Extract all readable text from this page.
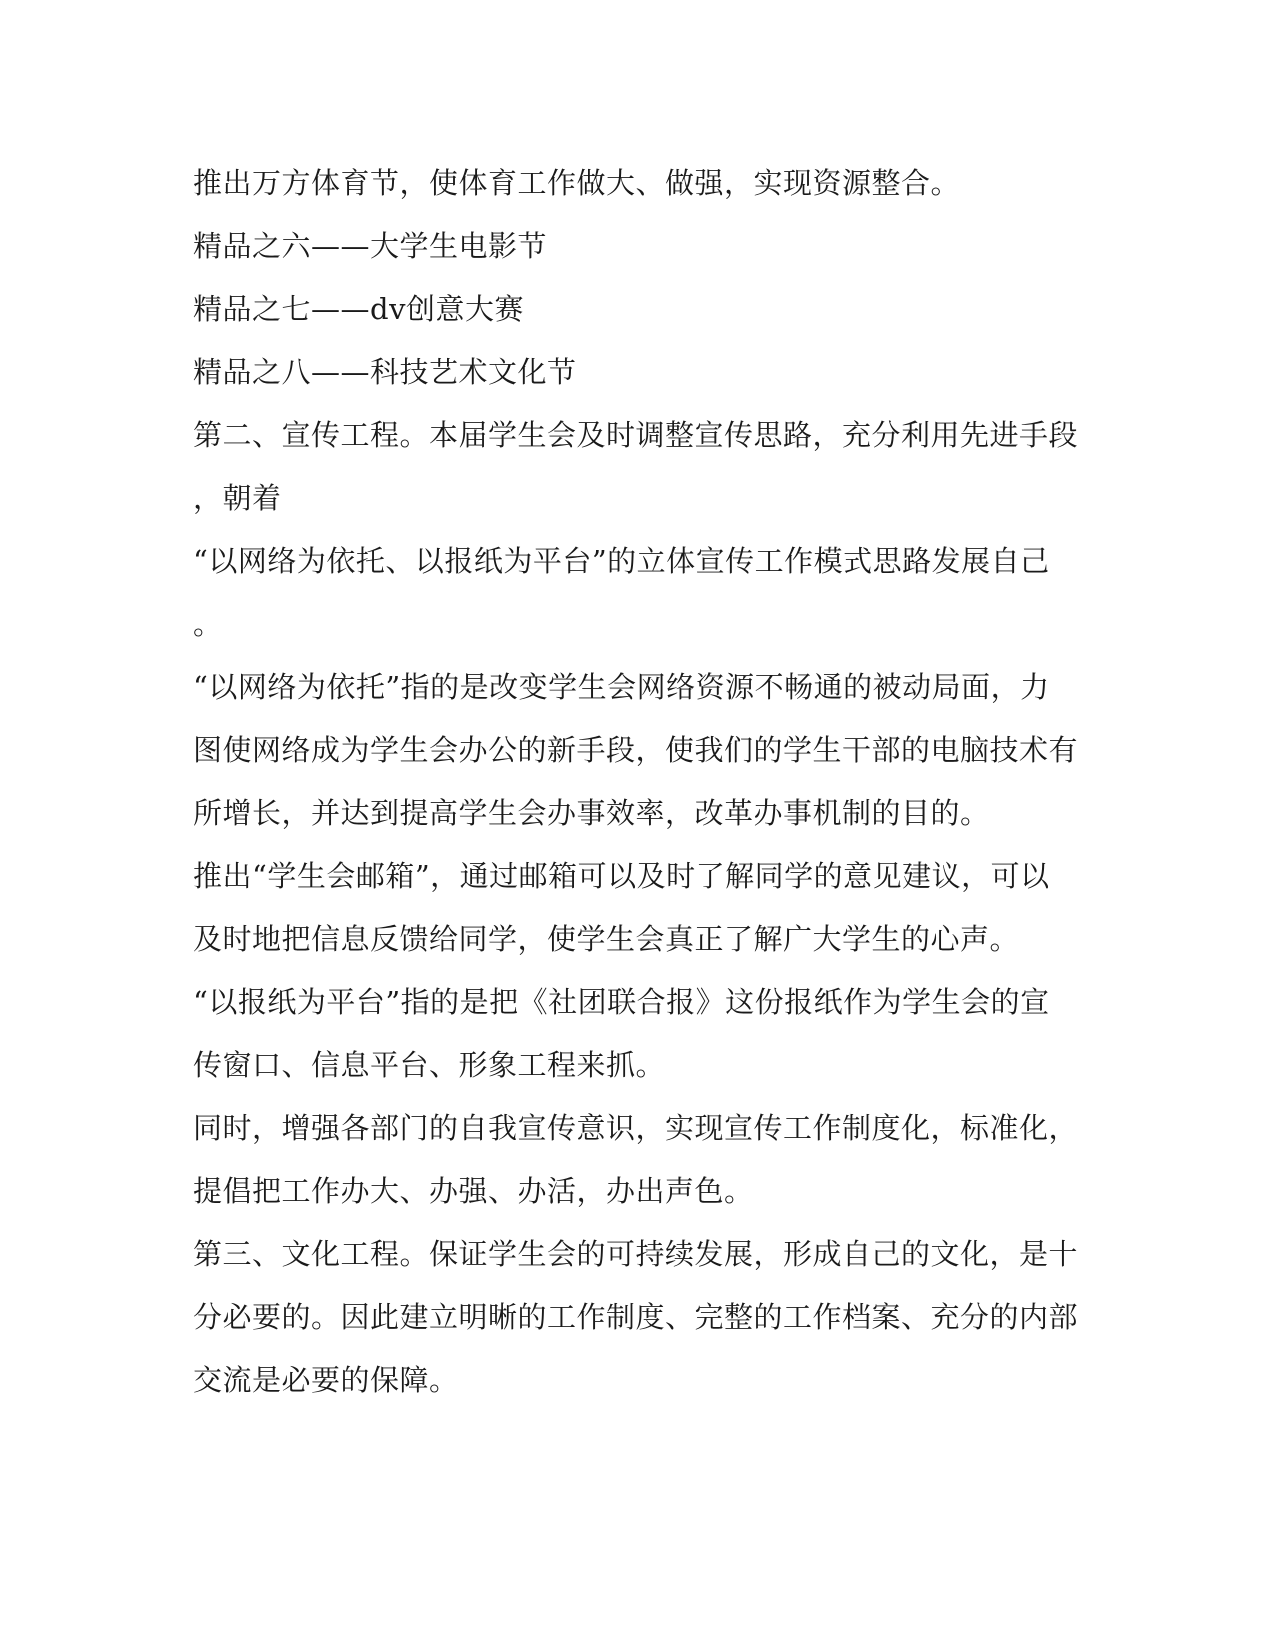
推出万方体育节，使体育工作做大、做强，实现资源整合。
精品之六——大学生电影节
精品之七——dv创意大赛
精品之八——科技艺术文化节
第二、宣传工程。本届学生会及时调整宣传思路，充分利用先进手段
，朝着
“以网络为依托、以报纸为平台”的立体宣传工作模式思路发展自己
。
“以网络为依托”指的是改变学生会网络资源不畅通的被动局面，力
图使网络成为学生会办公的新手段，使我们的学生干部的电脑技术有
所增长，并达到提高学生会办事效率，改革办事机制的目的。
推出“学生会邮箱”，通过邮箱可以及时了解同学的意见建议，可以
及时地把信息反馈给同学，使学生会真正了解广大学生的心声。
“以报纸为平台”指的是把《社团联合报》这份报纸作为学生会的宣
传窗口、信息平台、形象工程来抓。
同时，增强各部门的自我宣传意识，实现宣传工作制度化，标准化，
提倡把工作办大、办强、办活，办出声色。
第三、文化工程。保证学生会的可持续发展，形成自己的文化，是十
分必要的。因此建立明晰的工作制度、完整的工作档案、充分的内部
交流是必要的保障。
